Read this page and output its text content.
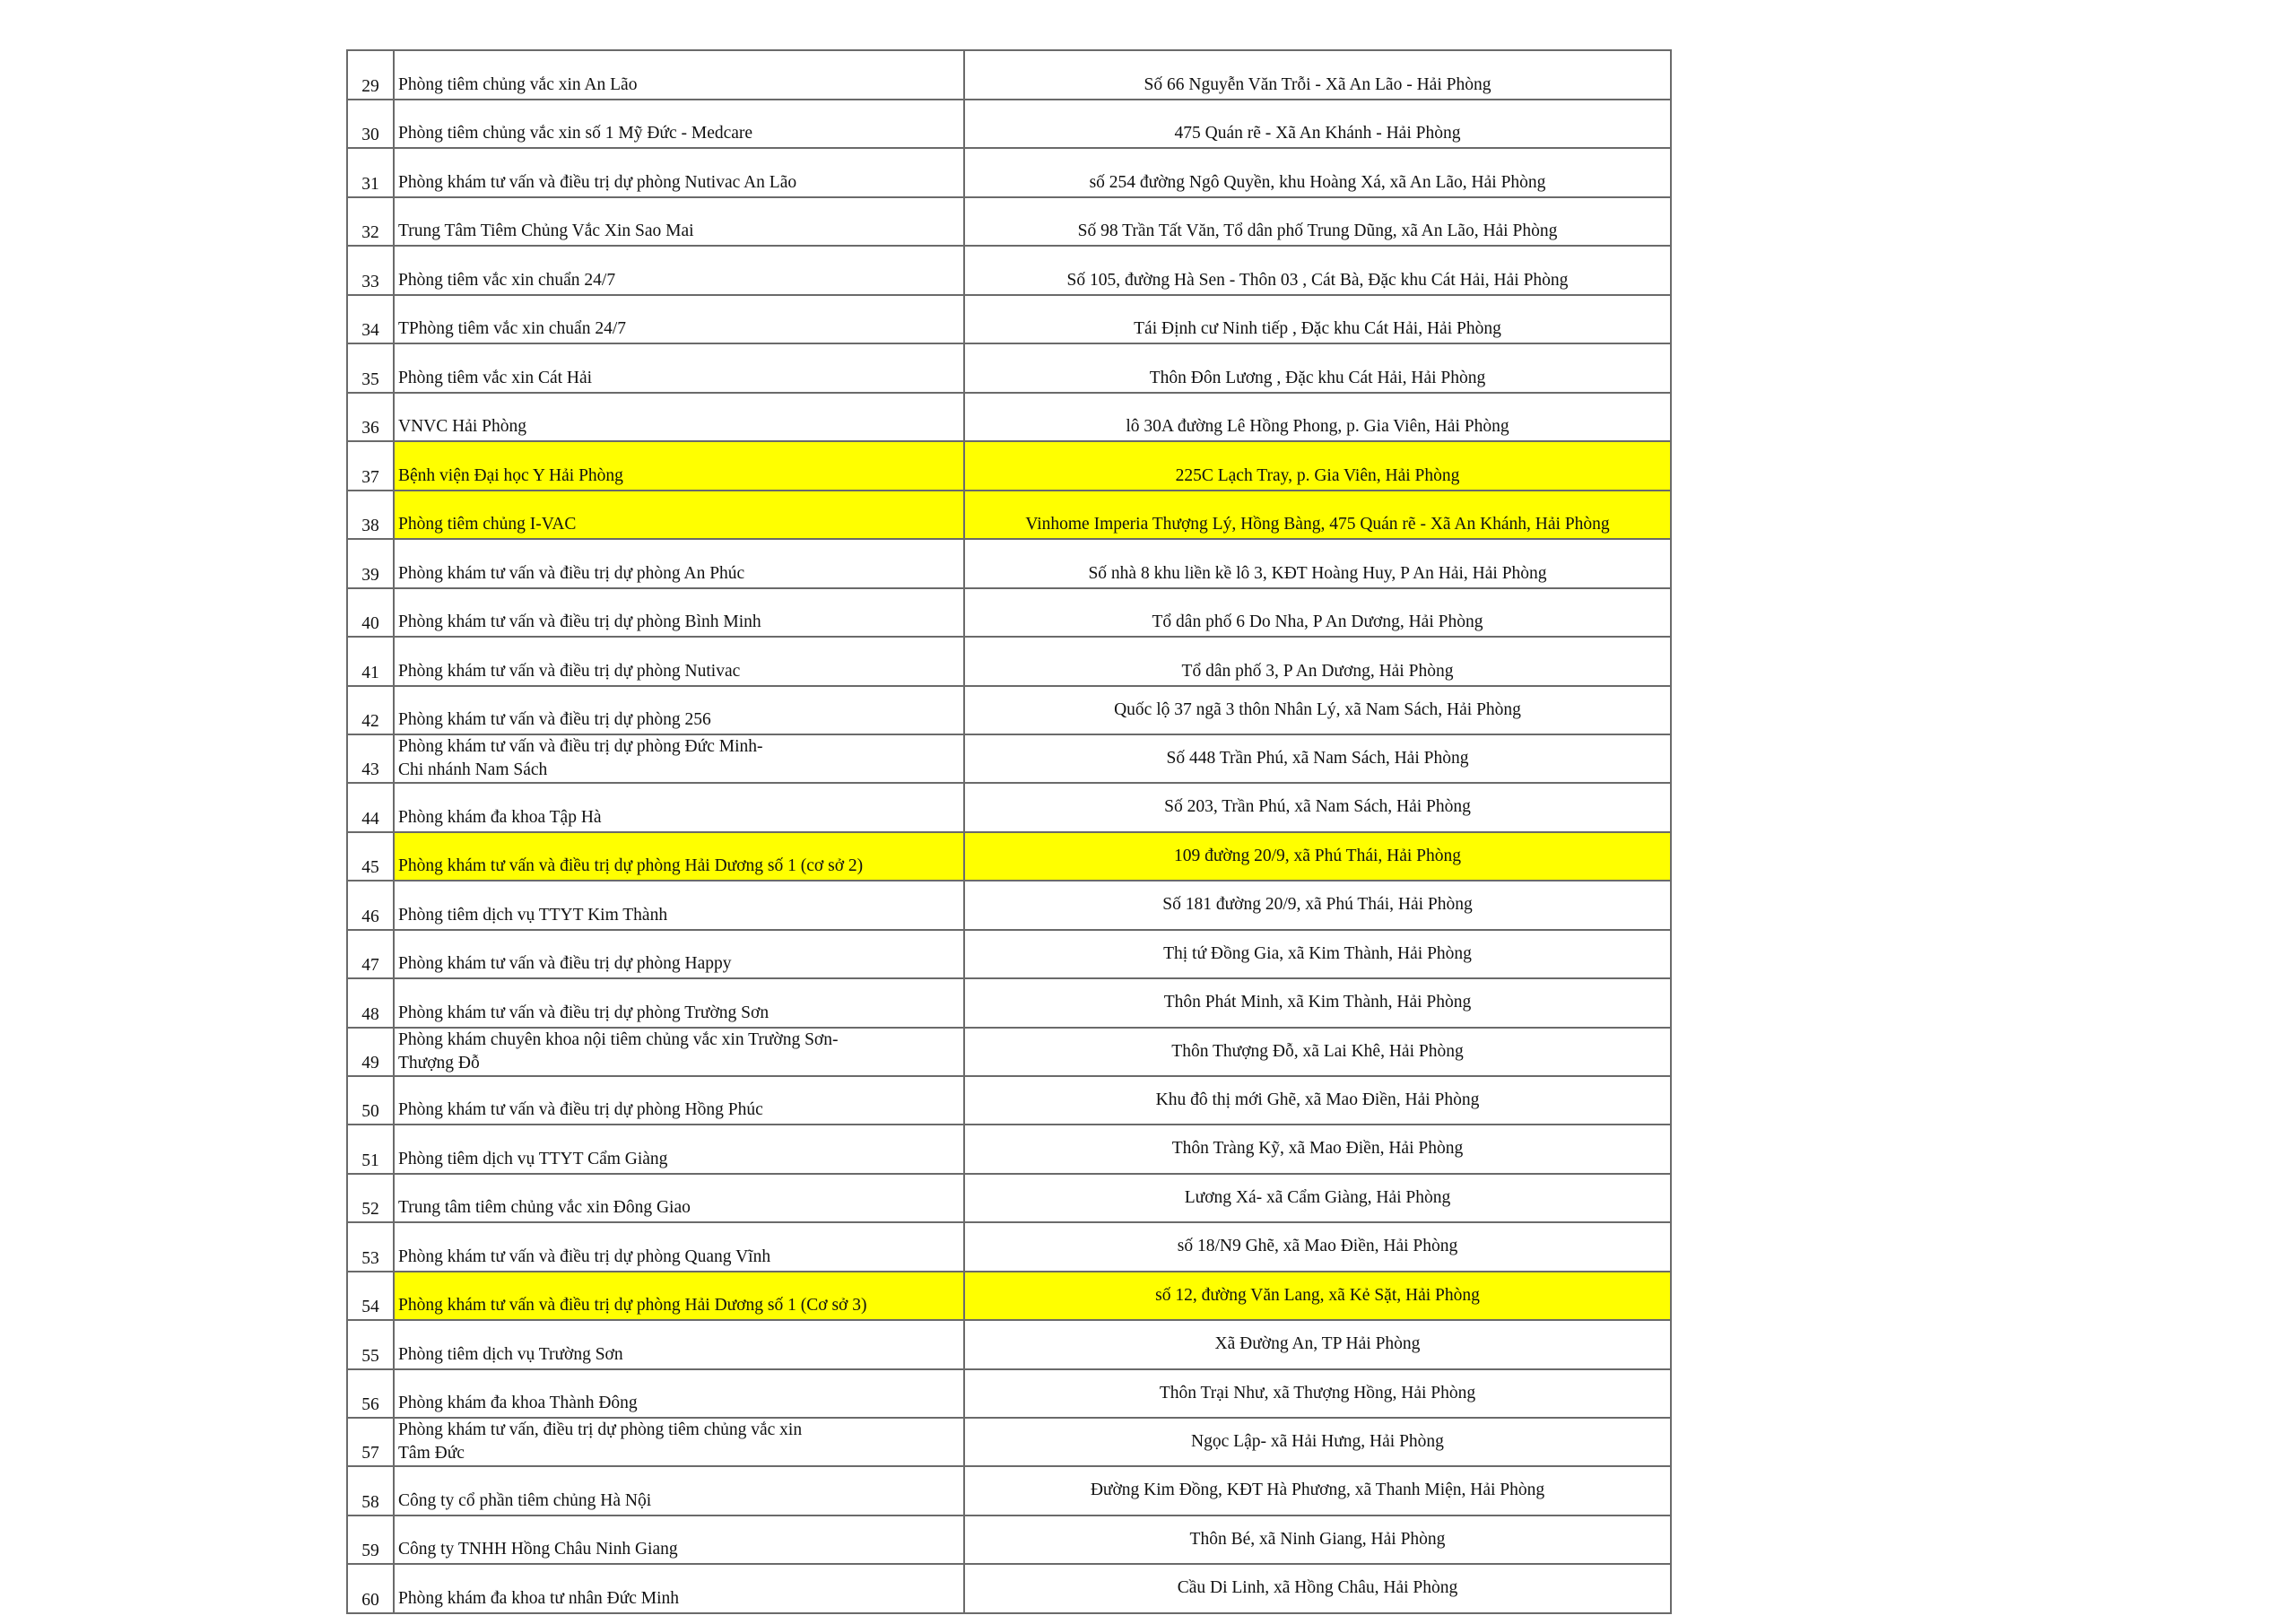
29	Phòng tiêm chủng vắc xin An Lão	Số 66 Nguyễn Văn Trỗi - Xã An Lão - Hải Phòng
30	Phòng tiêm chủng vắc xin số 1 Mỹ Đức - Medcare	475 Quán rẽ - Xã An Khánh - Hải Phòng
31	Phòng khám tư vấn và điều trị dự phòng Nutivac An Lão	số 254 đường Ngô Quyền, khu Hoàng Xá, xã An Lão, Hải Phòng
32	Trung Tâm Tiêm Chủng Vắc Xin Sao Mai	Số 98 Trần Tất Văn, Tổ dân phố Trung Dũng, xã An Lão, Hải Phòng
33	Phòng tiêm vắc xin chuẩn 24/7	Số 105, đường Hà Sen - Thôn 03 , Cát Bà, Đặc khu Cát Hải, Hải Phòng
34	TPhòng tiêm vắc xin chuẩn 24/7	Tái Định cư Ninh tiếp , Đặc khu Cát Hải, Hải Phòng
35	Phòng tiêm vắc xin Cát Hải	Thôn Đôn Lương , Đặc khu Cát Hải, Hải Phòng
36	VNVC Hải Phòng	lô 30A đường Lê Hồng Phong, p. Gia Viên, Hải Phòng
37	Bệnh viện Đại học Y Hải Phòng	225C Lạch Tray, p. Gia Viên, Hải Phòng
38	Phòng tiêm chủng I-VAC	Vinhome Imperia Thượng Lý, Hồng Bàng, 475 Quán rẽ - Xã An Khánh, Hải Phòng
39	Phòng khám tư vấn và điều trị dự phòng An Phúc	Số nhà 8 khu liền kề lô 3, KĐT Hoàng Huy, P An Hải, Hải Phòng
40	Phòng khám tư vấn và điều trị dự phòng Bình Minh	Tổ dân phố 6 Do Nha, P An Dương, Hải Phòng
41	Phòng khám tư vấn và điều trị dự phòng Nutivac	Tổ dân phố 3, P An Dương, Hải Phòng
42	Phòng khám tư vấn và điều trị dự phòng 256	Quốc lộ 37 ngã 3 thôn Nhân Lý, xã Nam Sách, Hải Phòng
43	Phòng khám tư vấn và điều trị dự phòng Đức Minh-
Chi nhánh Nam Sách	Số 448 Trần Phú, xã Nam Sách, Hải Phòng
44	Phòng khám đa khoa Tập Hà	Số 203, Trần Phú, xã Nam Sách, Hải Phòng
45	Phòng khám tư vấn và điều trị dự phòng Hải Dương số 1 (cơ sở 2)	109 đường 20/9, xã Phú Thái, Hải Phòng
46	Phòng tiêm dịch vụ TTYT Kim Thành	Số 181 đường 20/9, xã Phú Thái, Hải Phòng
47	Phòng khám tư vấn và điều trị dự phòng Happy	Thị tứ Đồng Gia, xã Kim Thành, Hải Phòng
48	Phòng khám tư vấn và điều trị dự phòng Trường Sơn	Thôn Phát Minh, xã Kim Thành, Hải Phòng
49	Phòng khám chuyên khoa nội tiêm chủng vắc xin Trường Sơn-
Thượng Đỗ	Thôn Thượng Đỗ, xã Lai Khê, Hải Phòng
50	Phòng khám tư vấn và điều trị dự phòng Hồng Phúc	Khu đô thị mới Ghẽ, xã Mao Điền, Hải Phòng
51	Phòng tiêm dịch vụ TTYT Cẩm Giàng	Thôn Tràng Kỹ, xã Mao Điền, Hải Phòng
52	Trung tâm tiêm chủng vắc xin Đông Giao	Lương Xá- xã Cẩm Giàng, Hải Phòng
53	Phòng khám tư vấn và điều trị dự phòng Quang Vĩnh	số 18/N9 Ghẽ, xã Mao Điền, Hải Phòng
54	Phòng khám tư vấn và điều trị dự phòng Hải Dương số 1 (Cơ sở 3)	số 12, đường Văn Lang, xã Kẻ Sặt, Hải Phòng
55	Phòng tiêm dịch vụ Trường Sơn	Xã Đường An, TP Hải Phòng
56	Phòng khám đa khoa Thành Đông	Thôn Trại Như, xã Thượng Hồng, Hải Phòng
57	Phòng khám tư vấn, điều trị dự phòng tiêm chủng vắc xin
Tâm Đức	Ngọc Lập- xã Hải Hưng, Hải Phòng
58	Công ty cổ phần tiêm chủng Hà Nội	Đường Kim Đồng, KĐT Hà Phương, xã Thanh Miện, Hải Phòng
59	Công ty TNHH Hồng Châu Ninh Giang	Thôn Bé, xã Ninh Giang, Hải Phòng
60	Phòng khám đa khoa tư nhân Đức Minh	Cầu Di Linh, xã Hồng Châu, Hải Phòng
